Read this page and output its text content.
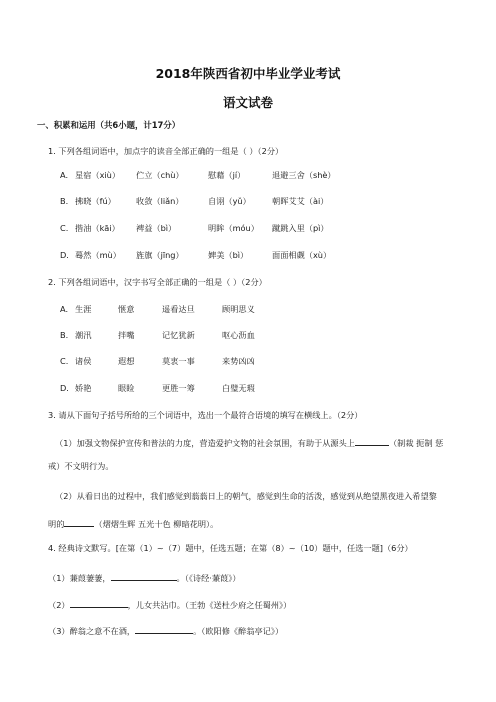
2018年陕西省初中毕业学业考试
语文试卷
一、积累和运用（共6小题，计17分）
1. 下列各组词语中，加点字的读音全部正确的一组是（ ）（2分）
A. 星宿（xiù） 伫立（chù）	慰藉（jí）	退避三舍（shè）
B. 拂晓（fú） 收敛（liǎn）	自诩（yǔ）	朝晖艾艾（ài）
C. 揩油（kāi） 裨益（bì）	明眸（móu） 蹴跳入里（pì）
D. 蓦然（mù） 旌旗（jīng）	婢美（bì）	面面相觑（xù）
2. 下列各组词语中，汉字书写全部正确的一组是（ ）（2分）
A. 生涯	惬意	遥看达旦	顾明思义
B. 潮汛	拌嘴	记忆犹新	呕心沥血
C. 诸侯	遐想	莫衷一事	来势凶凶
D. 娇艳	眼睑	更胜一筹	白璧无瑕
3. 请从下面句子括号所给的三个词语中，选出一个最符合语境的填写在横线上。（2分）
（1）加强文物保护宣传和普法的力度，营造爱护文物的社会氛围，有助于从源头上	（制裁 扼制 惩
戒）不文明行为。
（2）从看日出的过程中，我们感觉到蓊蓊日上的朝气，感觉到生命的活泼，感觉到从绝望黑夜进入希望黎
明的	（熠熠生辉 五光十色 柳暗花明）。
4. 经典诗文默写。[在第（1）~（7）题中，任选五题；在第（8）~（10）题中，任选一题]（6分）
（1）蒹葭萋萋，	。（《诗经·蒹葭》）
（2）	，儿女共沾巾。（王勃《送杜少府之任蜀州》）
（3）醉翁之意不在酒，	。（欧阳修《醉翁亭记》）
